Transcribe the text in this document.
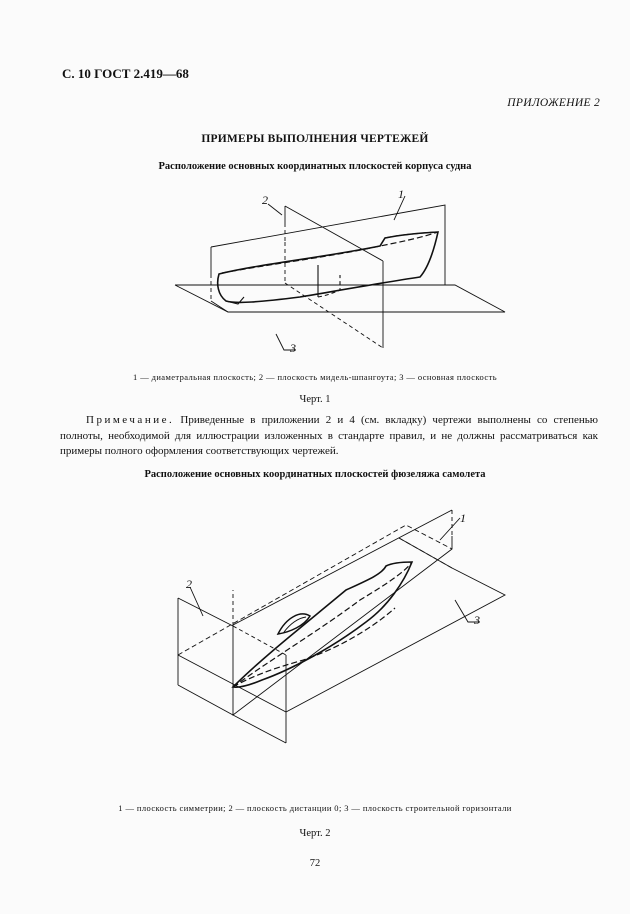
С. 10 ГОСТ 2.419—68
ПРИЛОЖЕНИЕ 2
ПРИМЕРЫ ВЫПОЛНЕНИЯ ЧЕРТЕЖЕЙ
Расположение основных координатных плоскостей корпуса судна
1
2
3
1 — диаметральная плоскость; 2 — плоскость мидель-шпангоута; 3 — основная плоскость
Черт. 1
Примечание. Приведенные в приложении 2 и 4 (см. вкладку) чертежи выполнены со степенью полноты, необходимой для иллюстрации изложенных в стандарте правил, и не должны рассматриваться как примеры полного оформления соответствующих чертежей.
Расположение основных координатных плоскостей фюзеляжа самолета
1
2
3
1 — плоскость симметрии; 2 — плоскость дистанции 0; 3 — плоскость строительной горизонтали
Черт. 2
72
